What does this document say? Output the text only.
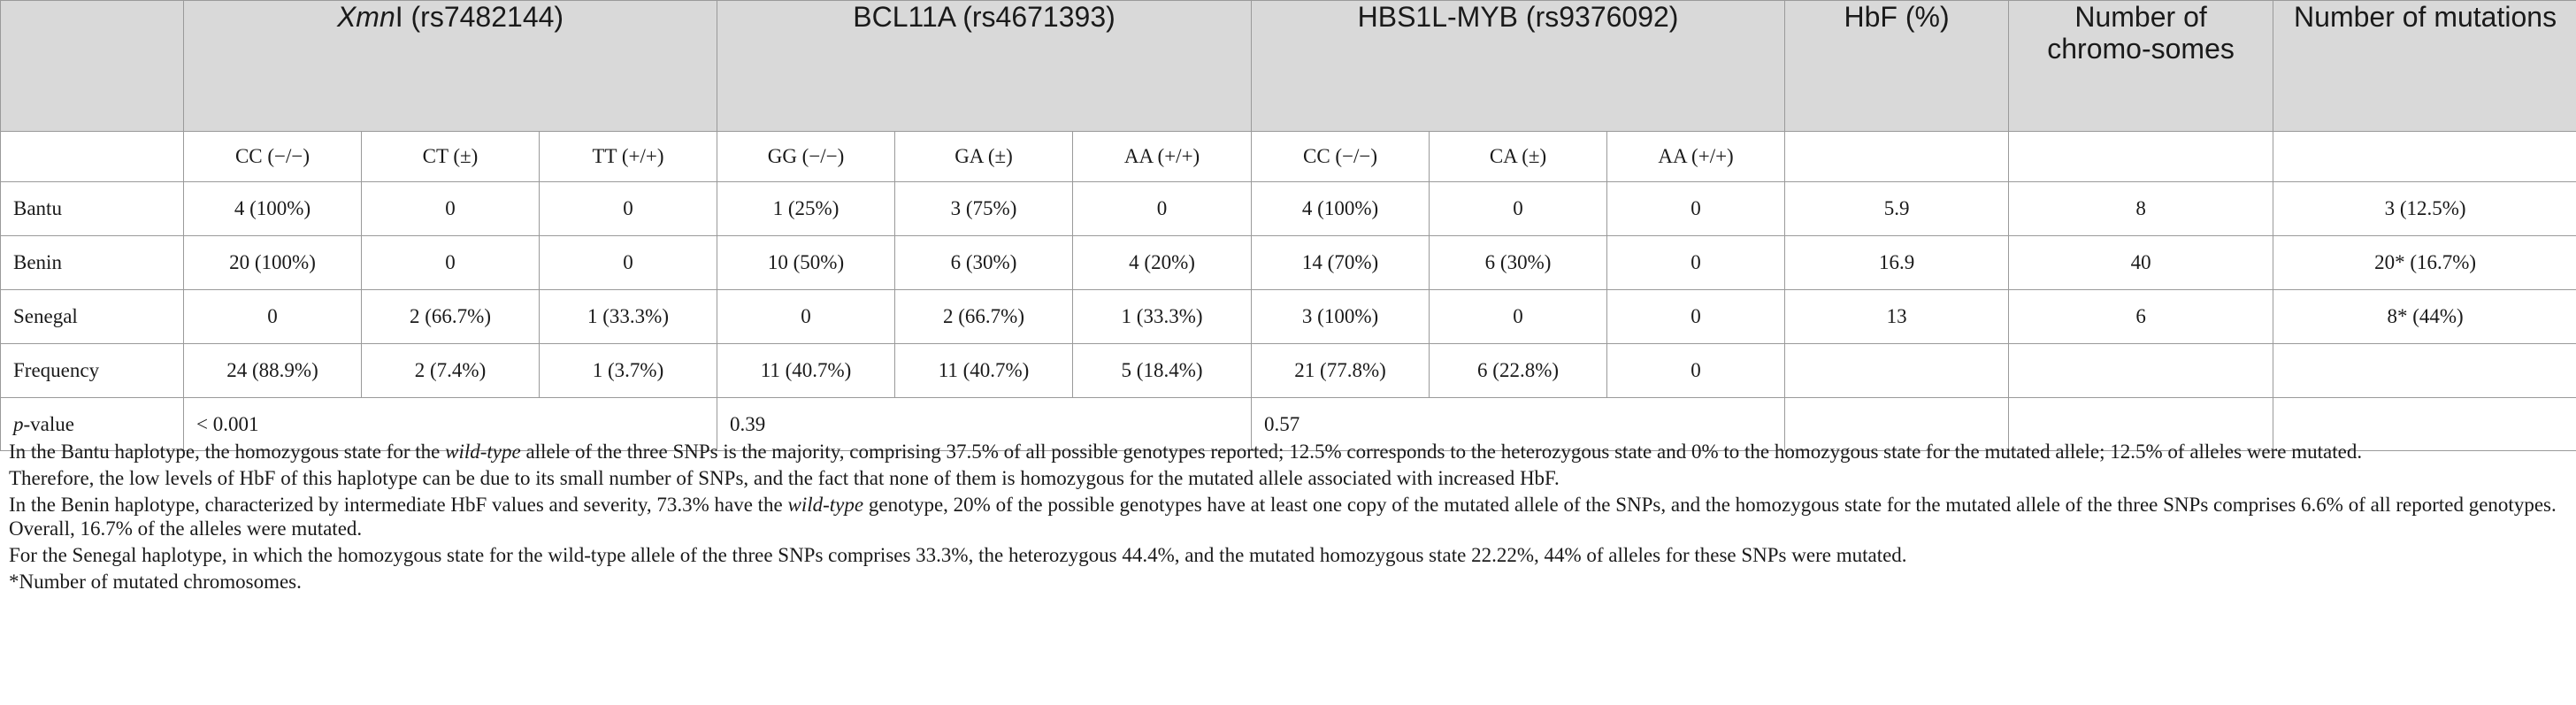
	XmnI (rs7482144)			BCL11A (rs4671393)			HBS1L-MYB (rs9376092)			HbF (%)	Number of chromo-somes	Number of mutations
	CC (−/−)	CT (±)	TT (+/+)	GG (−/−)	GA (±)	AA (+/+)	CC (−/−)	CA (±)	AA (+/+)			
Bantu	4 (100%)	0	0	1 (25%)	3 (75%)	0	4 (100%)	0	0	5.9	8	3 (12.5%)
Benin	20 (100%)	0	0	10 (50%)	6 (30%)	4 (20%)	14 (70%)	6 (30%)	0	16.9	40	20* (16.7%)
Senegal	0	2 (66.7%)	1 (33.3%)	0	2 (66.7%)	1 (33.3%)	3 (100%)	0	0	13	6	8* (44%)
Frequency	24 (88.9%)	2 (7.4%)	1 (3.7%)	11 (40.7%)	11 (40.7%)	5 (18.4%)	21 (77.8%)	6 (22.8%)	0			
p-value	< 0.001			0.39			0.57					

In the Bantu haplotype, the homozygous state for the wild-type allele of the three SNPs is the majority, comprising 37.5% of all possible genotypes reported; 12.5% corresponds to the heterozygous state and 0% to the homozygous state for the mutated allele; 12.5% of alleles were mutated.

Therefore, the low levels of HbF of this haplotype can be due to its small number of SNPs, and the fact that none of them is homozygous for the mutated allele associated with increased HbF.

In the Benin haplotype, characterized by intermediate HbF values and severity, 73.3% have the wild-type genotype, 20% of the possible genotypes have at least one copy of the mutated allele of the SNPs, and the homozygous state for the mutated allele of the three SNPs comprises 6.6% of all reported genotypes. Overall, 16.7% of the alleles were mutated.

For the Senegal haplotype, in which the homozygous state for the wild-type allele of the three SNPs comprises 33.3%, the heterozygous 44.4%, and the mutated homozygous state 22.22%, 44% of alleles for these SNPs were mutated.

*Number of mutated chromosomes.
